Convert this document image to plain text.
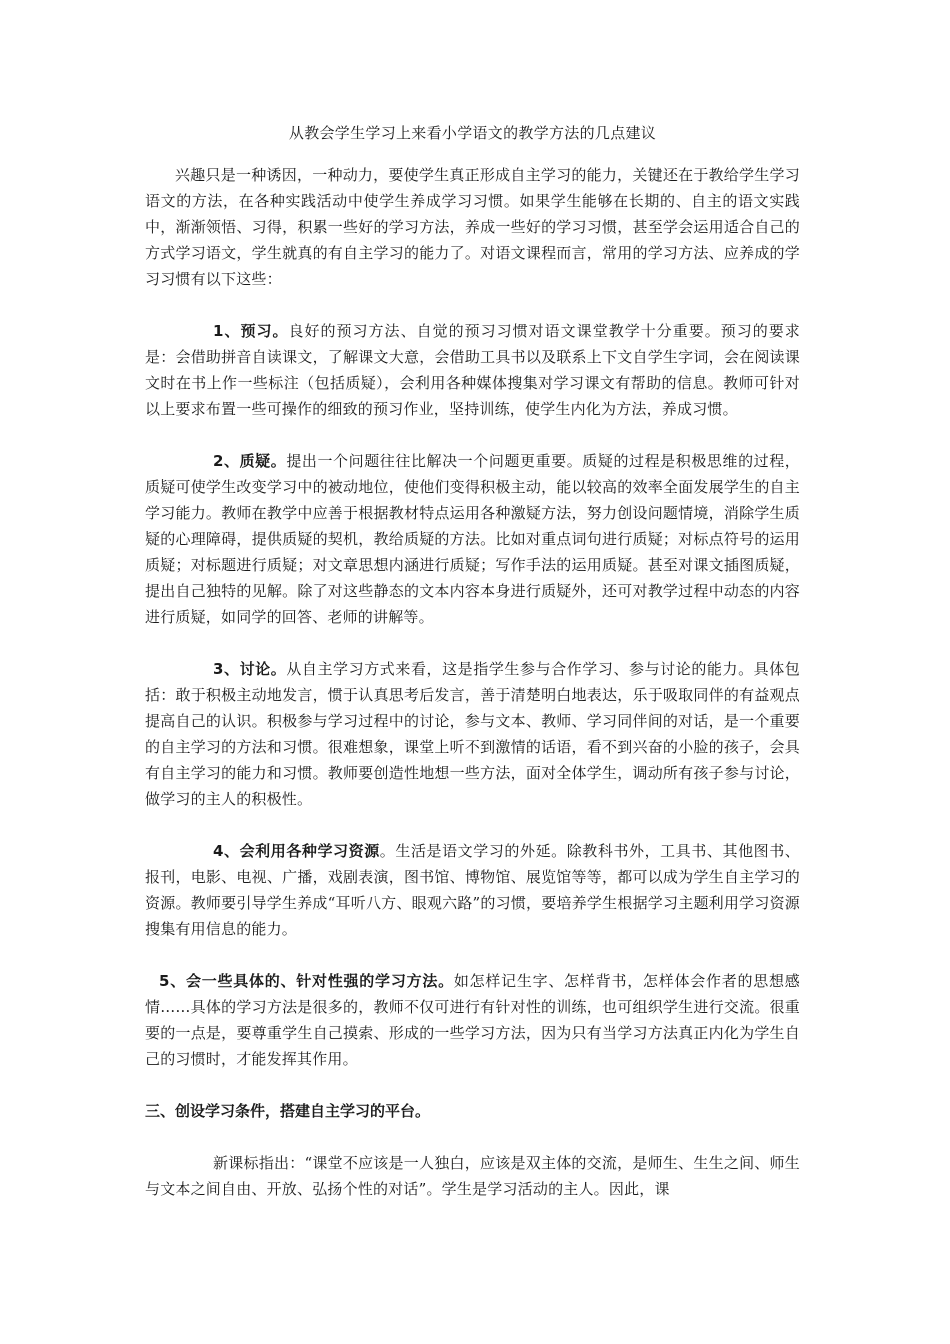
从教会学生学习上来看小学语文的教学方法的几点建议

兴趣只是一种诱因，一种动力，要使学生真正形成自主学习的能力，关键还在于教给学生学习语文的方法，在各种实践活动中使学生养成学习习惯。如果学生能够在长期的、自主的语文实践中，渐渐领悟、习得，积累一些好的学习方法，养成一些好的学习习惯，甚至学会运用适合自己的方式学习语文，学生就真的有自主学习的能力了。对语文课程而言，常用的学习方法、应养成的学习习惯有以下这些：

1、预习。良好的预习方法、自觉的预习习惯对语文课堂教学十分重要。预习的要求是：会借助拼音自读课文，了解课文大意，会借助工具书以及联系上下文自学生字词，会在阅读课文时在书上作一些标注（包括质疑），会利用各种媒体搜集对学习课文有帮助的信息。教师可针对以上要求布置一些可操作的细致的预习作业，坚持训练，使学生内化为方法，养成习惯。

2、质疑。提出一个问题往往比解决一个问题更重要。质疑的过程是积极思维的过程，质疑可使学生改变学习中的被动地位，使他们变得积极主动，能以较高的效率全面发展学生的自主学习能力。教师在教学中应善于根据教材特点运用各种激疑方法，努力创设问题情境，消除学生质疑的心理障碍，提供质疑的契机，教给质疑的方法。比如对重点词句进行质疑；对标点符号的运用质疑；对标题进行质疑；对文章思想内涵进行质疑；写作手法的运用质疑。甚至对课文插图质疑，提出自己独特的见解。除了对这些静态的文本内容本身进行质疑外，还可对教学过程中动态的内容进行质疑，如同学的回答、老师的讲解等。

3、讨论。从自主学习方式来看，这是指学生参与合作学习、参与讨论的能力。具体包括：敢于积极主动地发言，惯于认真思考后发言，善于清楚明白地表达，乐于吸取同伴的有益观点提高自己的认识。积极参与学习过程中的讨论，参与文本、教师、学习同伴间的对话，是一个重要的自主学习的方法和习惯。很难想象，课堂上听不到激情的话语，看不到兴奋的小脸的孩子，会具有自主学习的能力和习惯。教师要创造性地想一些方法，面对全体学生，调动所有孩子参与讨论，做学习的主人的积极性。

4、会利用各种学习资源。生活是语文学习的外延。除教科书外，工具书、其他图书、报刊，电影、电视、广播，戏剧表演，图书馆、博物馆、展览馆等等，都可以成为学生自主学习的资源。教师要引导学生养成“耳听八方、眼观六路”的习惯，要培养学生根据学习主题利用学习资源搜集有用信息的能力。

5、会一些具体的、针对性强的学习方法。如怎样记生字、怎样背书，怎样体会作者的思想感情……具体的学习方法是很多的，教师不仅可进行有针对性的训练，也可组织学生进行交流。很重要的一点是，要尊重学生自己摸索、形成的一些学习方法，因为只有当学习方法真正内化为学生自己的习惯时，才能发挥其作用。

三、创设学习条件，搭建自主学习的平台。

新课标指出：“课堂不应该是一人独白，应该是双主体的交流，是师生、生生之间、师生与文本之间自由、开放、弘扬个性的对话”。学生是学习活动的主人。因此，课
